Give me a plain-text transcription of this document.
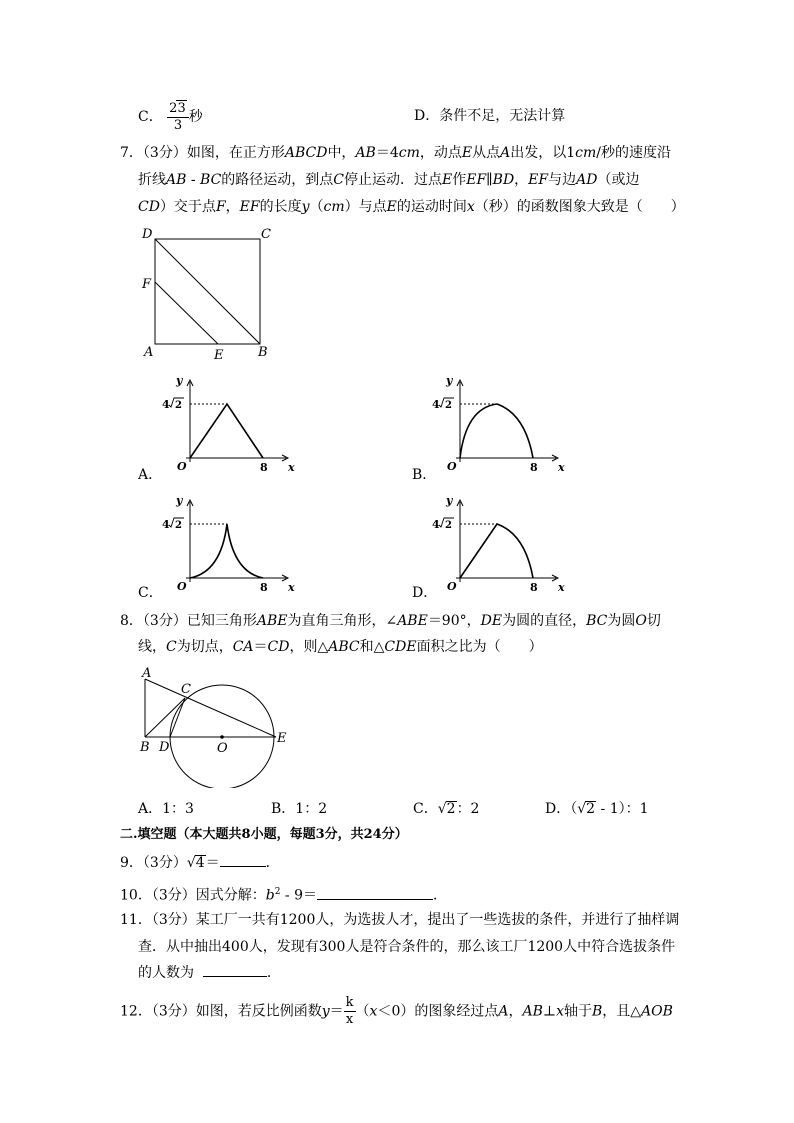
C． $\frac{23}{3}$ 秒	D．条件不足，无法计算
7．（3分）如图，在正方形ABCD中，AB＝4cm，动点E从点A出发，以1cm/秒的速度沿
折线AB - BC的路径运动，到点C停止运动．过点E作EF∥BD，EF与边AD（或边
CD）交于点F，EF的长度y（cm）与点E的运动时间x（秒）的函数图象大致是（　　）
D	C
F
A	E	B
y
x
O	8
4 2
A．
y
x
O	8
4 2
B．
y
x
O	8
4 2
C．
y
x
O	8
4 2
D．
8．（3分）已知三角形ABE为直角三角形，∠ABE＝90°，DE为圆的直径，BC为圆O切
线，C为切点，CA＝CD，则△ABC和△CDE面积之比为（　　）
A
C
B D	O
E
A．1：3	B．1：2	C．√2：2	D．（√2 - 1）：1
二.填空题（本大题共8小题，每题3分，共24分）
9．（3分）√4＝	．
10．（3分）因式分解：$b^2 - 9=$	．
11．（3分）某工厂一共有1200人，为选拔人才，提出了一些选拔的条件，并进行了抽样调
查．从中抽出400人，发现有300人是符合条件的，那么该工厂1200人中符合选拔条件
的人数为	．
12．（3分）如图，若反比例函数$y= \frac{k}{x} (x<0)$的图象经过点A，AB⊥x轴于B，且△AOB
